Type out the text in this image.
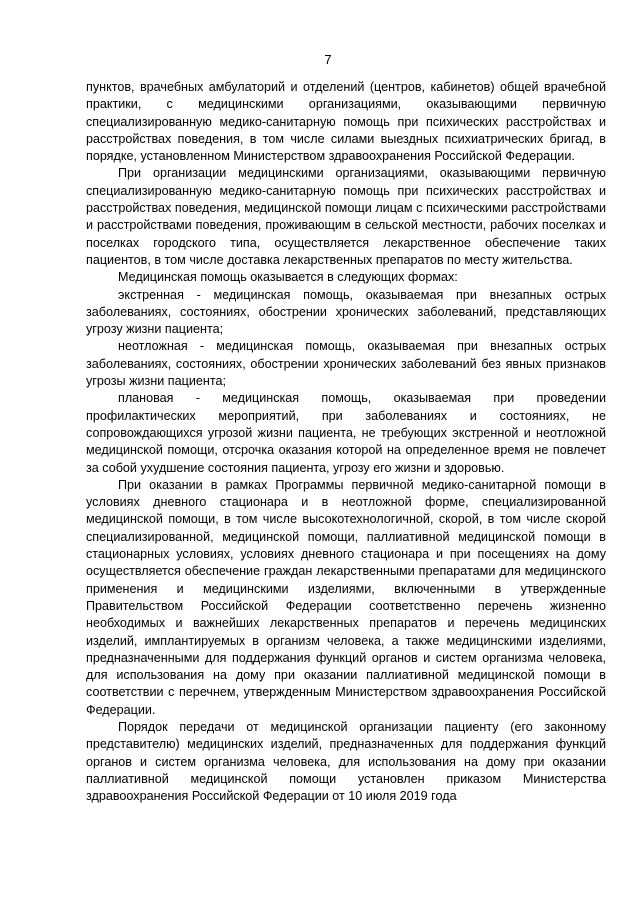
7

пунктов, врачебных амбулаторий и отделений (центров, кабинетов) общей врачебной практики, с медицинскими организациями, оказывающими первичную специализированную медико-санитарную помощь при психических расстройствах и расстройствах поведения, в том числе силами выездных психиатрических бригад, в порядке, установленном Министерством здравоохранения Российской Федерации.

При организации медицинскими организациями, оказывающими первичную специализированную медико-санитарную помощь при психических расстройствах и расстройствах поведения, медицинской помощи лицам с психическими расстройствами и расстройствами поведения, проживающим в сельской местности, рабочих поселках и поселках городского типа, осуществляется лекарственное обеспечение таких пациентов, в том числе доставка лекарственных препаратов по месту жительства.

Медицинская помощь оказывается в следующих формах:

экстренная - медицинская помощь, оказываемая при внезапных острых заболеваниях, состояниях, обострении хронических заболеваний, представляющих угрозу жизни пациента;

неотложная - медицинская помощь, оказываемая при внезапных острых заболеваниях, состояниях, обострении хронических заболеваний без явных признаков угрозы жизни пациента;

плановая - медицинская помощь, оказываемая при проведении профилактических мероприятий, при заболеваниях и состояниях, не сопровождающихся угрозой жизни пациента, не требующих экстренной и неотложной медицинской помощи, отсрочка оказания которой на определенное время не повлечет за собой ухудшение состояния пациента, угрозу его жизни и здоровью.

При оказании в рамках Программы первичной медико-санитарной помощи в условиях дневного стационара и в неотложной форме, специализированной медицинской помощи, в том числе высокотехнологичной, скорой, в том числе скорой специализированной, медицинской помощи, паллиативной медицинской помощи в стационарных условиях, условиях дневного стационара и при посещениях на дому осуществляется обеспечение граждан лекарственными препаратами для медицинского применения и медицинскими изделиями, включенными в утвержденные Правительством Российской Федерации соответственно перечень жизненно необходимых и важнейших лекарственных препаратов и перечень медицинских изделий, имплантируемых в организм человека, а также медицинскими изделиями, предназначенными для поддержания функций органов и систем организма человека, для использования на дому при оказании паллиативной медицинской помощи в соответствии с перечнем, утвержденным Министерством здравоохранения Российской Федерации.

Порядок передачи от медицинской организации пациенту (его законному представителю) медицинских изделий, предназначенных для поддержания функций органов и систем организма человека, для использования на дому при оказании паллиативной медицинской помощи установлен приказом Министерства здравоохранения Российской Федерации от 10 июля 2019 года
